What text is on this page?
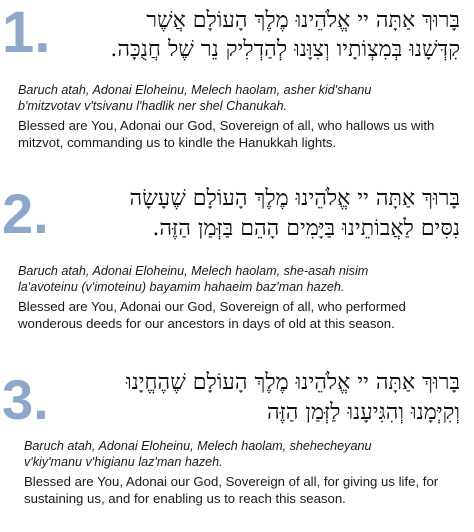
1.	בָּרוּךְ אַתָּה יי אֱלֹהֵינוּ מֶלֶךְ הָעוֹלָם אֲשֶׁר
קִדְּשָׁנוּ בְּמִצְוֹתָיו וְצִוָּנוּ לְהַדְלִיק נֵר שֶׁל חֲנֻכָּה.
Baruch atah, Adonai Eloheinu, Melech haolam, asher kid'shanu
b'mitzvotav v'tsivanu l'hadlik ner shel Chanukah.
Blessed are You, Adonai our God, Sovereign of all, who hallows us with
mitzvot, commanding us to kindle the Hanukkah lights.
2.	בָּרוּךְ אַתָּה יי אֱלֹהֵינוּ מֶלֶךְ הָעוֹלָם שֶׁעָשָׂה
נִסִּים לַאֲבוֹתֵינוּ בַּיָּמִים הָהֵם בַּזְּמַן הַזֶּה.
Baruch atah, Adonai Eloheinu, Melech haolam, she-asah nisim
la'avoteinu (v'imoteinu) bayamim hahaeim baz'man hazeh.
Blessed are You, Adonai our God, Sovereign of all, who performed
wonderous deeds for our ancestors in days of old at this season.
3.	בָּרוּךְ אַתָּה יי אֱלֹהֵינוּ מֶלֶךְ הָעוֹלָם שֶׁהֶחֱיָנוּ
וְקִיְּמָנוּ וְהִגִּיעָנוּ לַזְּמַן הַזֶּה
Baruch atah, Adonai Eloheinu, Melech haolam, shehecheyanu
v'kiy'manu v'higianu laz'man hazeh.
Blessed are You, Adonai our God, Sovereign of all, for giving us life, for
sustaining us, and for enabling us to reach this season.
